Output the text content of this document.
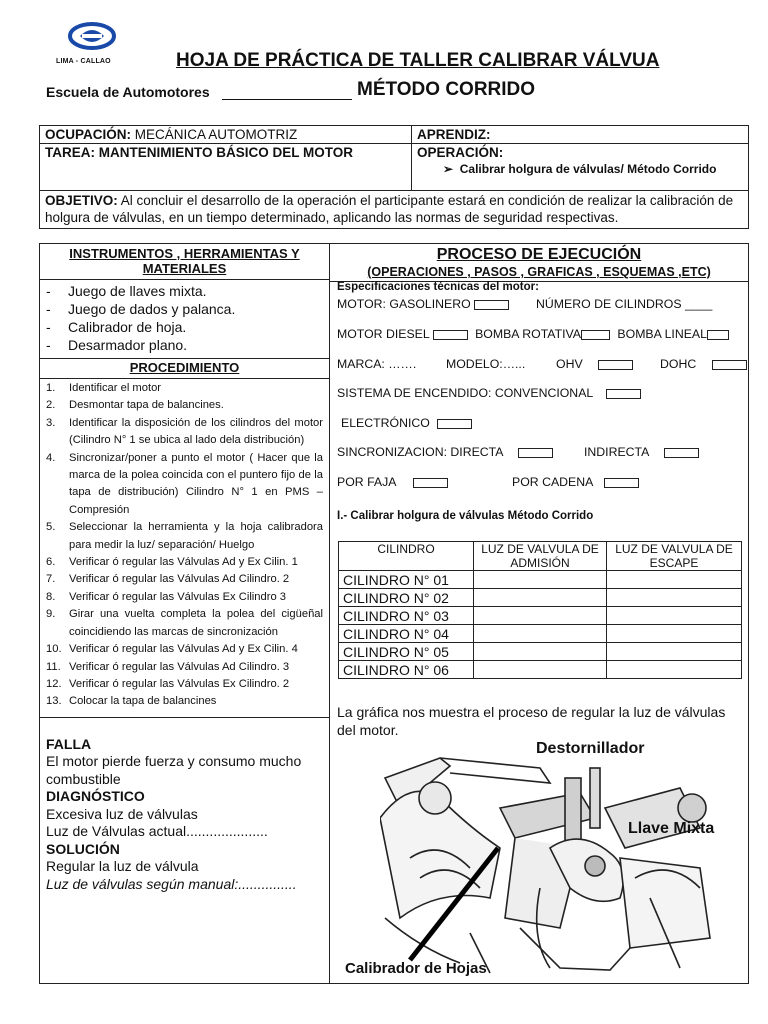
LIMA - CALLAO	HOJA DE PRÁCTICA DE TALLER CALIBRAR VÁLVUA
Escuela de Automotores	MÉTODO CORRIDO
OCUPACIÓN: MECÁNICA AUTOMOTRIZ	APRENDIZ:
TAREA: MANTENIMIENTO BÁSICO DEL MOTOR	OPERACIÓN:
➢ Calibrar holgura de válvulas/ Método Corrido

OBJETIVO: Al concluir el desarrollo de la operación el participante estará en condición de realizar la calibración de holgura de válvulas, en un tiempo determinado, aplicando las normas de seguridad respectivas.	
INSTRUMENTOS , HERRAMIENTAS Y MATERIALES
- Juego de llaves mixta.
- Juego de dados y palanca.
- Calibrador de hoja.
- Desarmador plano.
PROCEDIMIENTO
1. Identificar el motor
2. Desmontar tapa de balancines.
3. Identificar la disposición de los cilindros del motor (Cilindro N° 1 se ubica al lado dela distribución)
4. Sincronizar/poner a punto el motor ( Hacer que la marca de la polea coincida con el puntero fijo de la tapa de distribución) Cilindro N° 1 en PMS – Compresión
5. Seleccionar la herramienta y la hoja calibradora para medir la luz/ separación/ Huelgo
6. Verificar ó regular las Válvulas Ad y Ex Cilin. 1
7. Verificar ó regular las Válvulas Ad Cilindro. 2
8. Verificar ó regular las Válvulas Ex Cilindro 3
9. Girar una vuelta completa la polea del cigüeñal coincidiendo las marcas de sincronización
10. Verificar ó regular las Válvulas Ad y Ex Cilin. 4
11. Verificar ó regular las Válvulas Ad Cilindro. 3
12. Verificar ó regular las Válvulas Ex Cilindro. 2
13. Colocar la tapa de balancines
FALLA
El motor pierde fuerza y consumo mucho combustible
DIAGNÓSTICO
Excesiva luz de válvulas
Luz de Válvulas actual.....................
SOLUCIÓN
Regular la luz de válvula
Luz de válvulas según manual:...............
PROCESO DE EJECUCIÓN
(OPERACIONES , PASOS , GRAFICAS , ESQUEMAS ,ETC)
Especificaciones técnicas del motor:
MOTOR: GASOLINERO	NÚMERO DE CILINDROS ____
MOTOR DIESEL	BOMBA ROTATIVA	BOMBA LINEAL
MARCA: ……. MODELO:…... OHV	DOHC
SISTEMA DE ENCENDIDO: CONVENCIONAL
ELECTRÓNICO
SINCRONIZACION: DIRECTA	INDIRECTA
POR FAJA	POR CADENA
I.- Calibrar holgura de válvulas Método Corrido
CILINDRO	LUZ DE VALVULA DE ADMISIÓN	LUZ DE VALVULA DE ESCAPE
CILINDRO N° 01		
CILINDRO N° 02		
CILINDRO N° 03		
CILINDRO N° 04		
CILINDRO N° 05		
CILINDRO N° 06		
La gráfica nos muestra el proceso de regular la luz de válvulas del motor.
Destornillador
Llave Mixta
Calibrador de Hojas
